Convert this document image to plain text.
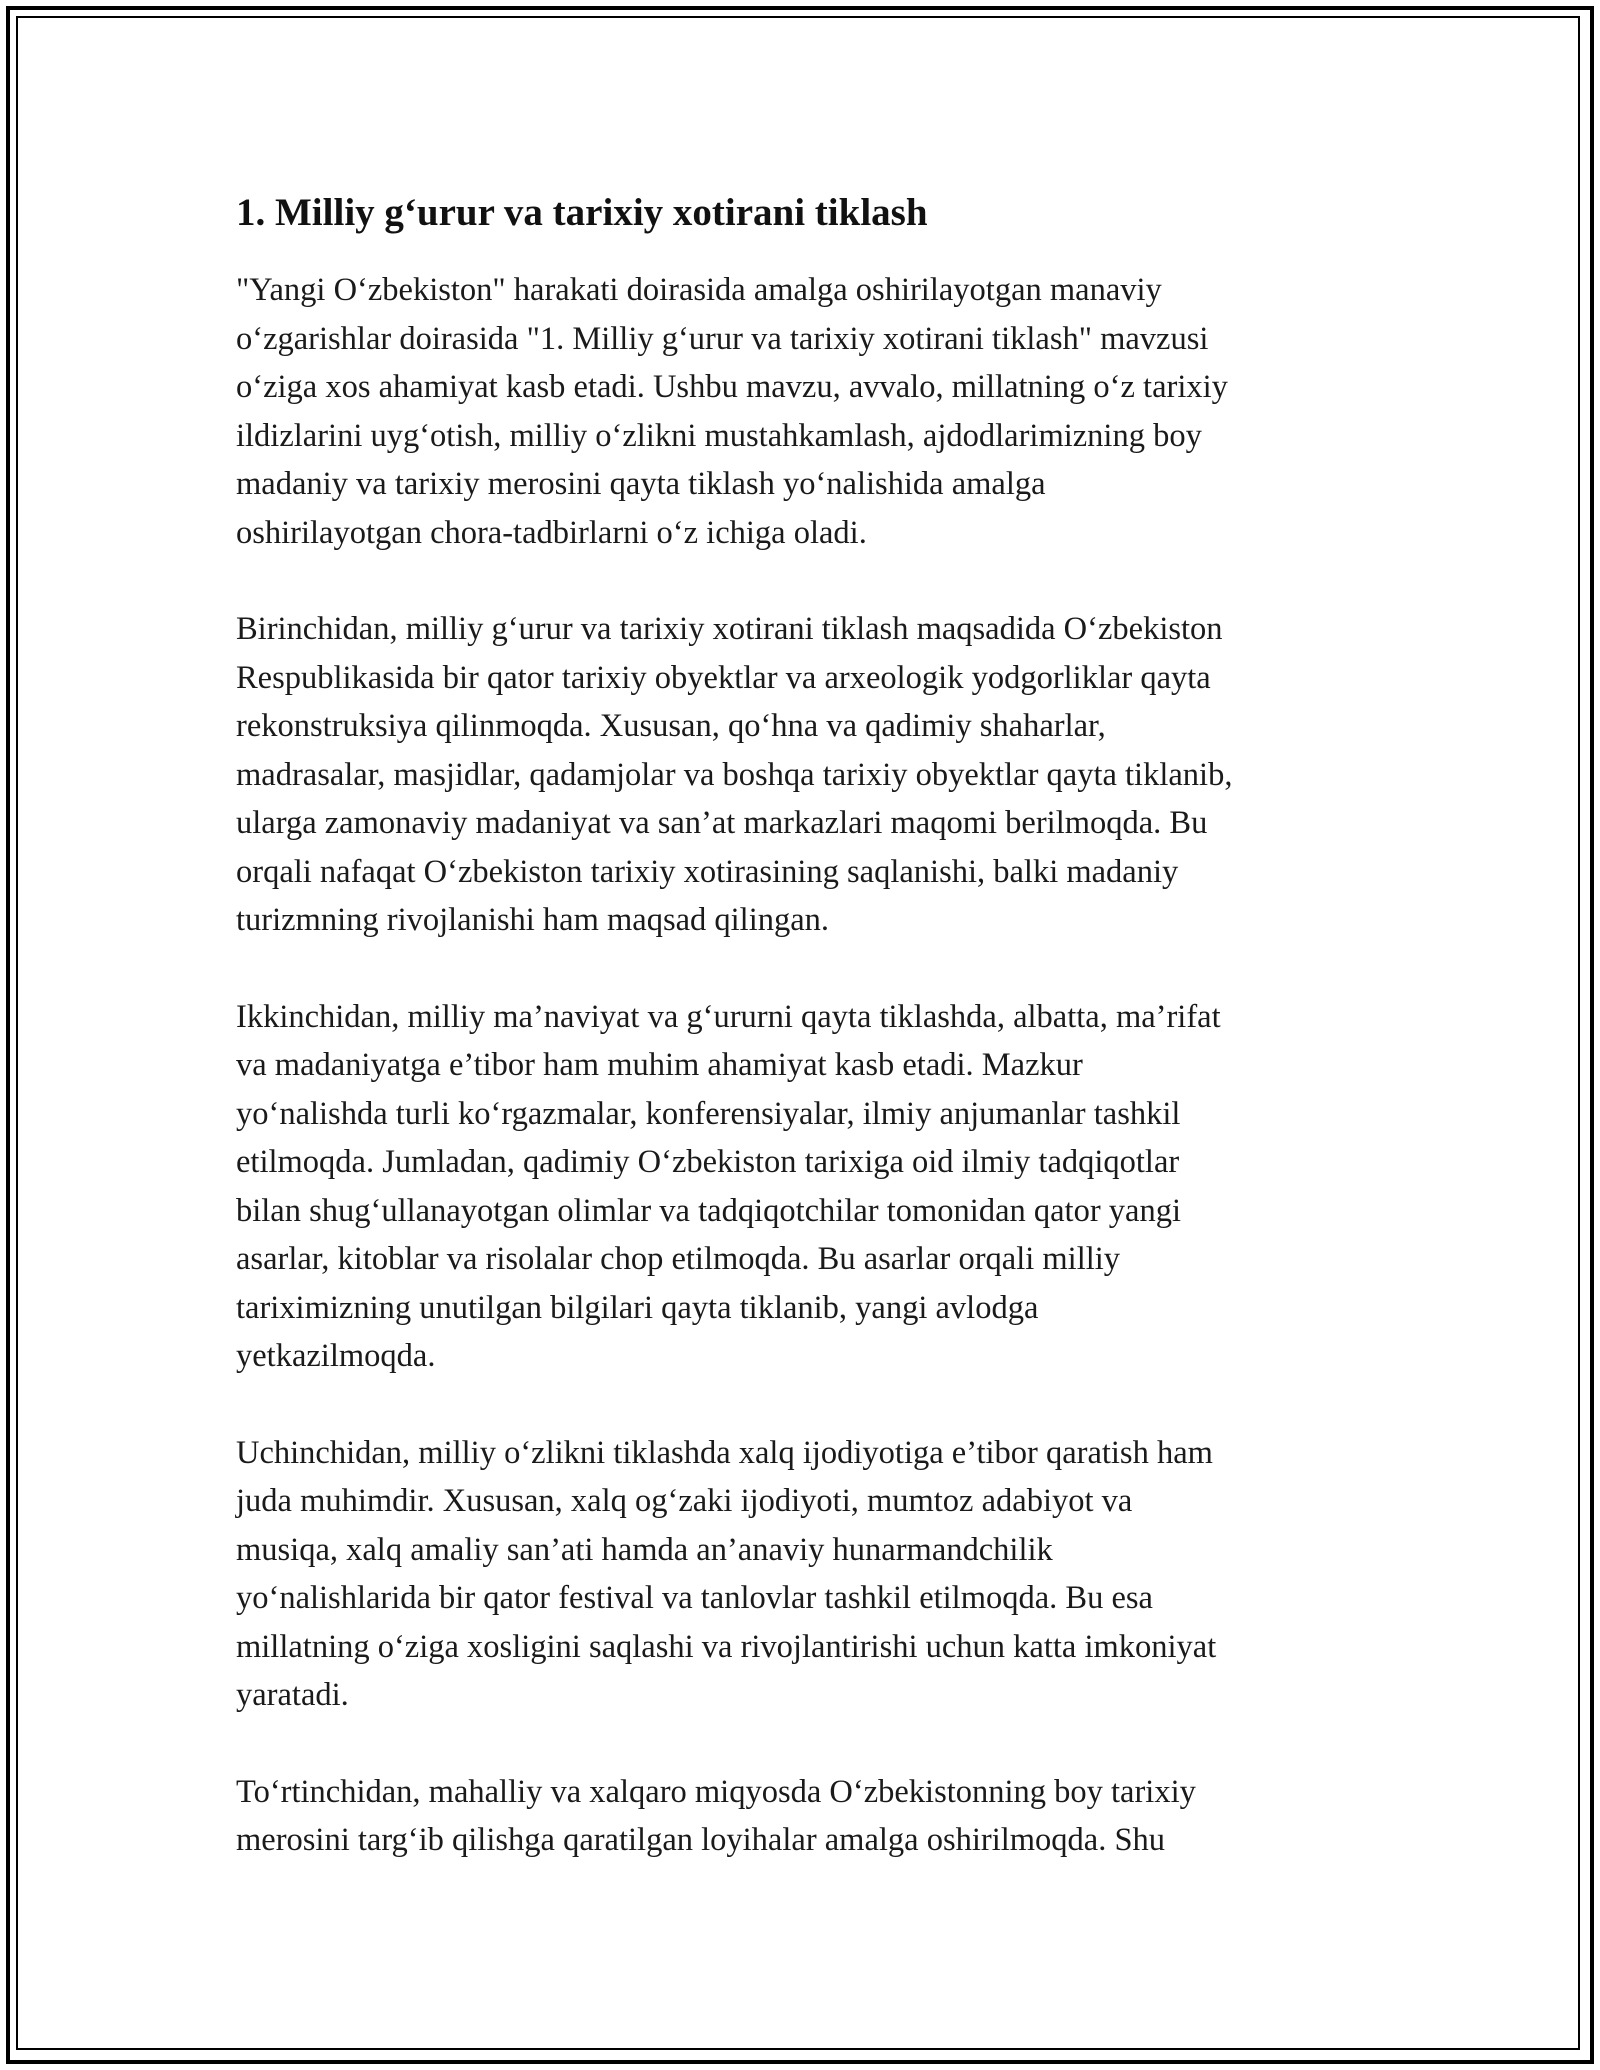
1. Milliy g‘urur va tarixiy xotirani tiklash

"Yangi O‘zbekiston" harakati doirasida amalga oshirilayotgan manaviy
o‘zgarishlar doirasida "1. Milliy g‘urur va tarixiy xotirani tiklash" mavzusi
o‘ziga xos ahamiyat kasb etadi. Ushbu mavzu, avvalo, millatning o‘z tarixiy
ildizlarini uyg‘otish, milliy o‘zlikni mustahkamlash, ajdodlarimizning boy
madaniy va tarixiy merosini qayta tiklash yo‘nalishida amalga
oshirilayotgan chora-tadbirlarni o‘z ichiga oladi.

Birinchidan, milliy g‘urur va tarixiy xotirani tiklash maqsadida O‘zbekiston
Respublikasida bir qator tarixiy obyektlar va arxeologik yodgorliklar qayta
rekonstruksiya qilinmoqda. Xususan, qo‘hna va qadimiy shaharlar,
madrasalar, masjidlar, qadamjolar va boshqa tarixiy obyektlar qayta tiklanib,
ularga zamonaviy madaniyat va san’at markazlari maqomi berilmoqda. Bu
orqali nafaqat O‘zbekiston tarixiy xotirasining saqlanishi, balki madaniy
turizmning rivojlanishi ham maqsad qilingan.

Ikkinchidan, milliy ma’naviyat va g‘ururni qayta tiklashda, albatta, ma’rifat
va madaniyatga e’tibor ham muhim ahamiyat kasb etadi. Mazkur
yo‘nalishda turli ko‘rgazmalar, konferensiyalar, ilmiy anjumanlar tashkil
etilmoqda. Jumladan, qadimiy O‘zbekiston tarixiga oid ilmiy tadqiqotlar
bilan shug‘ullanayotgan olimlar va tadqiqotchilar tomonidan qator yangi
asarlar, kitoblar va risolalar chop etilmoqda. Bu asarlar orqali milliy
tariximizning unutilgan bilgilari qayta tiklanib, yangi avlodga
yetkazilmoqda.

Uchinchidan, milliy o‘zlikni tiklashda xalq ijodiyotiga e’tibor qaratish ham
juda muhimdir. Xususan, xalq og‘zaki ijodiyoti, mumtoz adabiyot va
musiqa, xalq amaliy san’ati hamda an’anaviy hunarmandchilik
yo‘nalishlarida bir qator festival va tanlovlar tashkil etilmoqda. Bu esa
millatning o‘ziga xosligini saqlashi va rivojlantirishi uchun katta imkoniyat
yaratadi.

To‘rtinchidan, mahalliy va xalqaro miqyosda O‘zbekistonning boy tarixiy
merosini targ‘ib qilishga qaratilgan loyihalar amalga oshirilmoqda. Shu
